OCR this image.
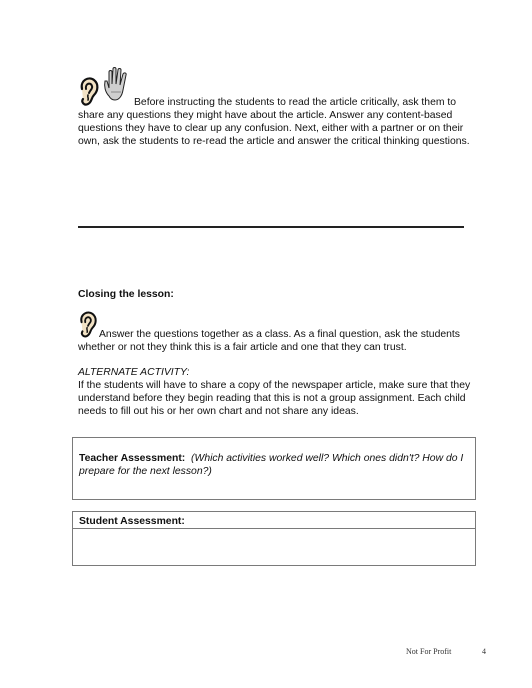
Before instructing the students to read the article critically, ask them to
share any questions they might have about the article. Answer any content-based
questions they have to clear up any confusion. Next, either with a partner or on their
own, ask the students to re-read the article and answer the critical thinking questions.
Closing the lesson:
Answer the questions together as a class. As a final question, ask the students
whether or not they think this is a fair article and one that they can trust.
ALTERNATE ACTIVITY:
If the students will have to share a copy of the newspaper article, make sure that they
understand before they begin reading that this is not a group assignment. Each child
needs to fill out his or her own chart and not share any ideas.
Teacher Assessment: (Which activities worked well? Which ones didn't? How do I
prepare for the next lesson?)
Student Assessment:
Not For Profit	4
